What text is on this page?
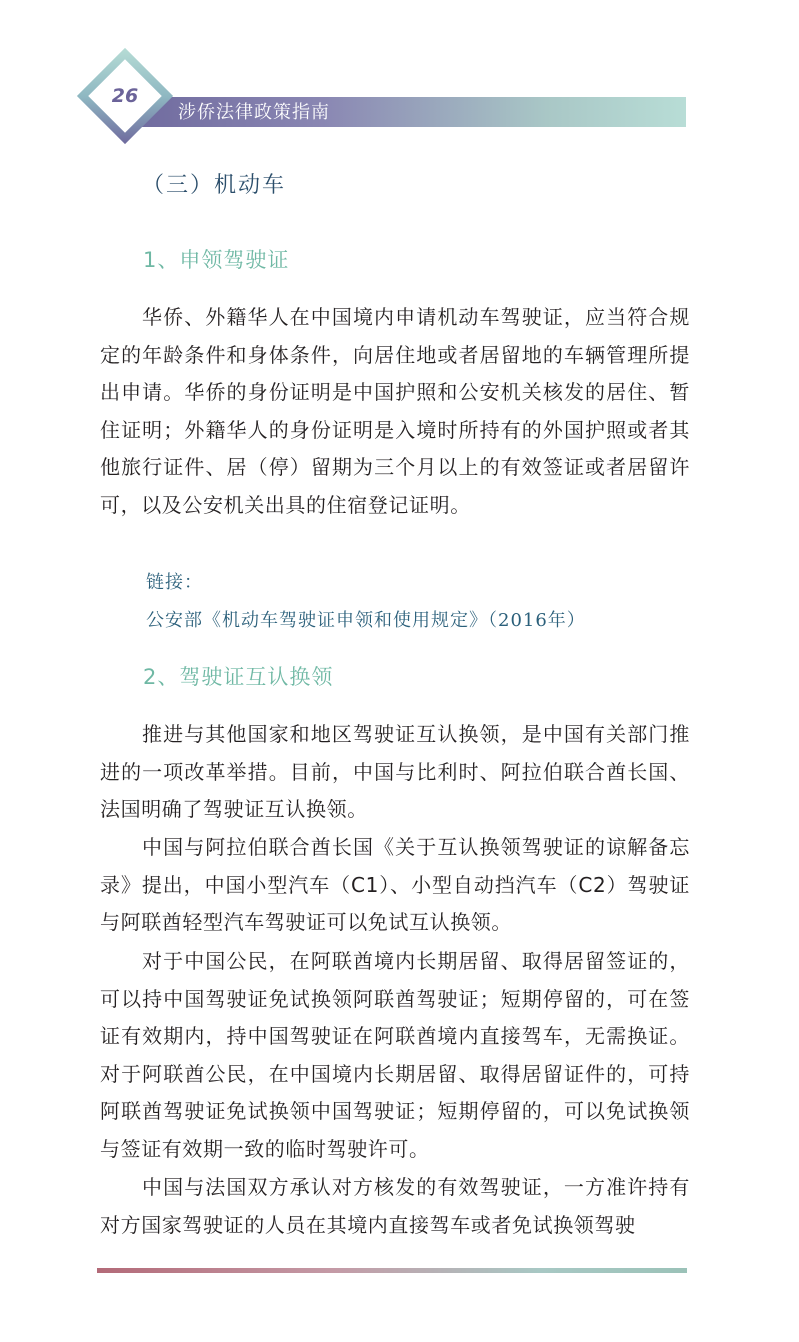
26
涉侨法律政策指南
（三）机动车
1、申领驾驶证

华侨、外籍华人在中国境内申请机动车驾驶证，应当符合规定的年龄条件和身体条件，向居住地或者居留地的车辆管理所提出申请。华侨的身份证明是中国护照和公安机关核发的居住、暂住证明；外籍华人的身份证明是入境时所持有的外国护照或者其他旅行证件、居（停）留期为三个月以上的有效签证或者居留许可，以及公安机关出具的住宿登记证明。

链接：
公安部《机动车驾驶证申领和使用规定》（2016年）
2、驾驶证互认换领

推进与其他国家和地区驾驶证互认换领，是中国有关部门推进的一项改革举措。目前，中国与比利时、阿拉伯联合酋长国、法国明确了驾驶证互认换领。

中国与阿拉伯联合酋长国《关于互认换领驾驶证的谅解备忘录》提出，中国小型汽车（C1）、小型自动挡汽车（C2）驾驶证与阿联酋轻型汽车驾驶证可以免试互认换领。

对于中国公民，在阿联酋境内长期居留、取得居留签证的，可以持中国驾驶证免试换领阿联酋驾驶证；短期停留的，可在签证有效期内，持中国驾驶证在阿联酋境内直接驾车，无需换证。对于阿联酋公民，在中国境内长期居留、取得居留证件的，可持阿联酋驾驶证免试换领中国驾驶证；短期停留的，可以免试换领与签证有效期一致的临时驾驶许可。

中国与法国双方承认对方核发的有效驾驶证，一方准许持有对方国家驾驶证的人员在其境内直接驾车或者免试换领驾驶
